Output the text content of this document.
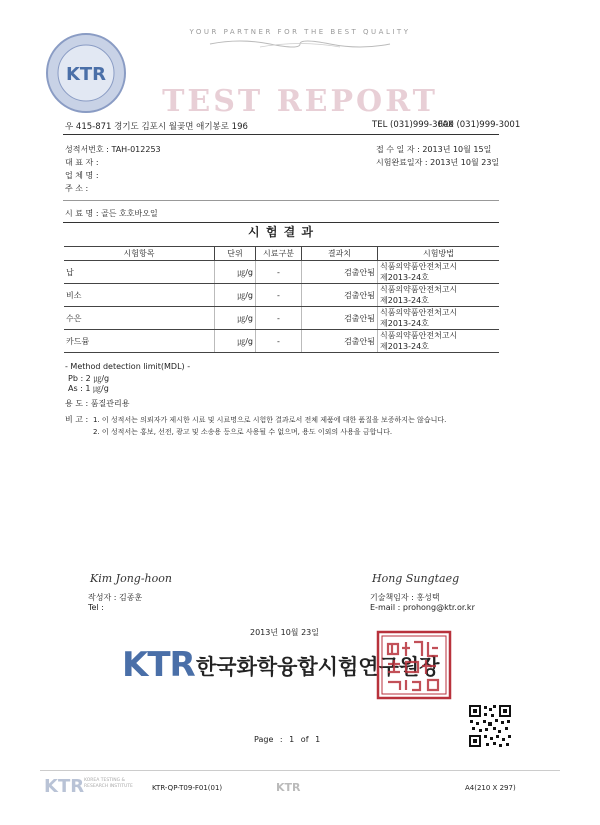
YOUR PARTNER FOR THE BEST QUALITY
KTR
TEST REPORT
우 415-871 경기도 김포시 월곶면 애기봉로 196	TEL (031)999-3000
FAX (031)999-3001
성적서번호 : TAH-012253
대 표 자 :
업 체 명 :
주 소 :
접 수 일 자 : 2013년 10월 15일
시험완료일자 : 2013년 10월 23일
시 료 명 : 골든 호호바오일
시 험 결 과
시험항목	단위	시료구분	결과치	시험방법
납	㎍/g	-	검출안됨	식품의약품안전처고시
제2013-24호

비소	㎍/g	-	검출안됨	식품의약품안전처고시
제2013-24호

수은	㎍/g	-	검출안됨	식품의약품안전처고시
제2013-24호

카드뮴	㎍/g	-	검출안됨	식품의약품안전처고시
제2013-24호
- Method detection limit(MDL) -
Pb : 2 ㎍/g
As : 1 ㎍/g
용 도 : 품질관리용
비 고 : 1. 이 성적서는 의뢰자가 제시한 시료 및 시료명으로 시험한 결과로서 전체 제품에 대한 품질을 보증하지는 않습니다.
2. 이 성적서는 홍보, 선전, 광고 및 소송용 등으로 사용될 수 없으며, 용도 이외의 사용을 금합니다.
Kim Jong-hoon
작성자 : 김종훈
Tel :
Hong Sungtaeg
기술책임자 : 홍성택
E-mail : prohong@ktr.or.kr
2013년 10월 23일
KTR 한국화학융합시험연구원장
Page : 1 of 1
KTR KOREA TESTING &
RESEARCH INSTITUTE	KTR-QP-T09-F01(01)	KTR	A4(210 X 297)
